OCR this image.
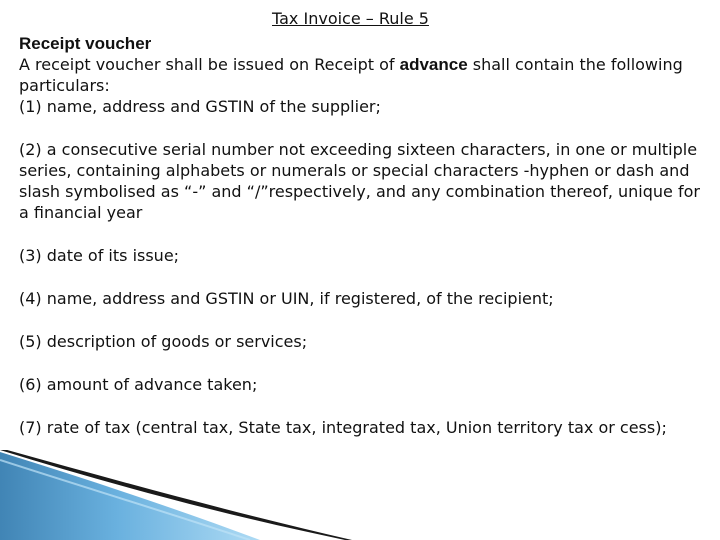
Tax Invoice – Rule 5

Receipt voucher

A receipt voucher shall be issued on Receipt of advance shall contain the following particulars:

(1) name, address and GSTIN of the supplier;

(2) a consecutive serial number not exceeding sixteen characters, in one or multiple series, containing alphabets or numerals or special characters -hyphen or dash and slash symbolised as “-” and “/”respectively, and any combination thereof, unique for a financial year

(3) date of its issue;

(4) name, address and GSTIN or UIN, if registered, of the recipient;

(5) description of goods or services;

(6) amount of advance taken;

(7) rate of tax (central tax, State tax, integrated tax, Union territory tax or cess);
